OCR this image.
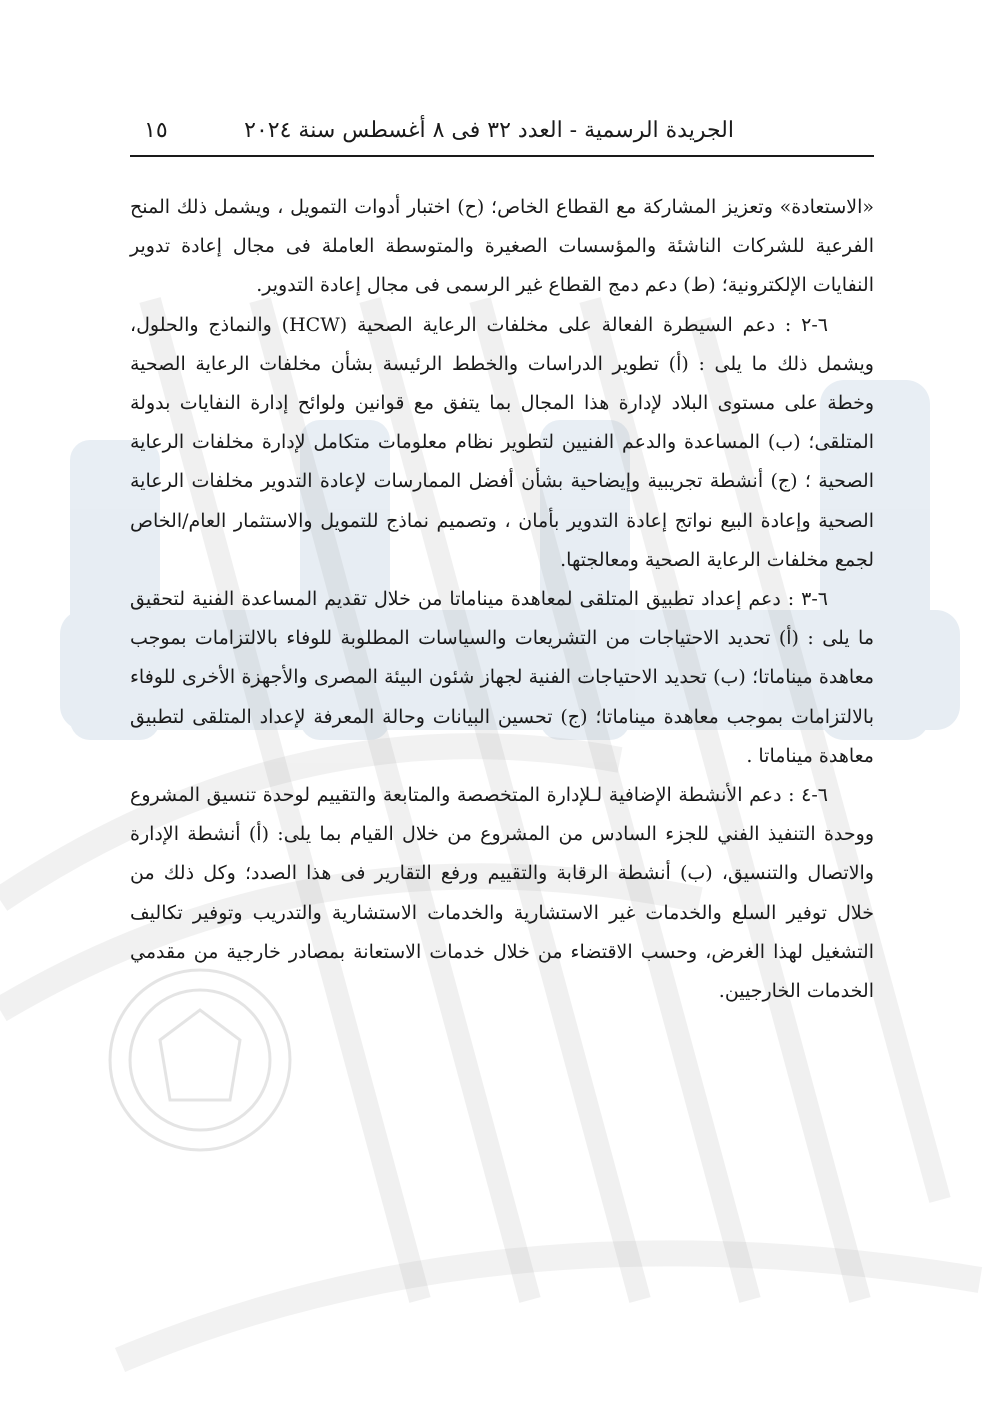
الجريدة الرسمية - العدد ٣٢ فى ٨ أغسطس سنة ٢٠٢٤
١٥

«الاستعادة» وتعزيز المشاركة مع القطاع الخاص؛ (ح) اختبار أدوات التمويل ، ويشمل ذلك المنح الفرعية للشركات الناشئة والمؤسسات الصغيرة والمتوسطة العاملة فى مجال إعادة تدوير النفايات الإلكترونية؛ (ط) دعم دمج القطاع غير الرسمى فى مجال إعادة التدوير.

٦-٢ : دعم السيطرة الفعالة على مخلفات الرعاية الصحية (HCW) والنماذج والحلول، ويشمل ذلك ما يلى : (أ) تطوير الدراسات والخطط الرئيسة بشأن مخلفات الرعاية الصحية وخطة على مستوى البلاد لإدارة هذا المجال بما يتفق مع قوانين ولوائح إدارة النفايات بدولة المتلقى؛ (ب) المساعدة والدعم الفنيين لتطوير نظام معلومات متكامل لإدارة مخلفات الرعاية الصحية ؛ (ج) أنشطة تجريبية وإيضاحية بشأن أفضل الممارسات لإعادة التدوير مخلفات الرعاية الصحية وإعادة البيع نواتج إعادة التدوير بأمان ، وتصميم نماذج للتمويل والاستثمار العام/الخاص لجمع مخلفات الرعاية الصحية ومعالجتها.

٦-٣ : دعم إعداد تطبيق المتلقى لمعاهدة ميناماتا من خلال تقديم المساعدة الفنية لتحقيق ما يلى : (أ) تحديد الاحتياجات من التشريعات والسياسات المطلوبة للوفاء بالالتزامات بموجب معاهدة ميناماتا؛ (ب) تحديد الاحتياجات الفنية لجهاز شئون البيئة المصرى والأجهزة الأخرى للوفاء بالالتزامات بموجب معاهدة ميناماتا؛ (ج) تحسين البيانات وحالة المعرفة لإعداد المتلقى لتطبيق معاهدة ميناماتا .

٦-٤ : دعم الأنشطة الإضافية لـلإدارة المتخصصة والمتابعة والتقييم لوحدة تنسيق المشروع ووحدة التنفيذ الفني للجزء السادس من المشروع من خلال القيام بما يلى: (أ) أنشطة الإدارة والاتصال والتنسيق، (ب) أنشطة الرقابة والتقييم ورفع التقارير فى هذا الصدد؛ وكل ذلك من خلال توفير السلع والخدمات غير الاستشارية والخدمات الاستشارية والتدريب وتوفير تكاليف التشغيل لهذا الغرض، وحسب الاقتضاء من خلال خدمات الاستعانة بمصادر خارجية من مقدمي الخدمات الخارجيين.
